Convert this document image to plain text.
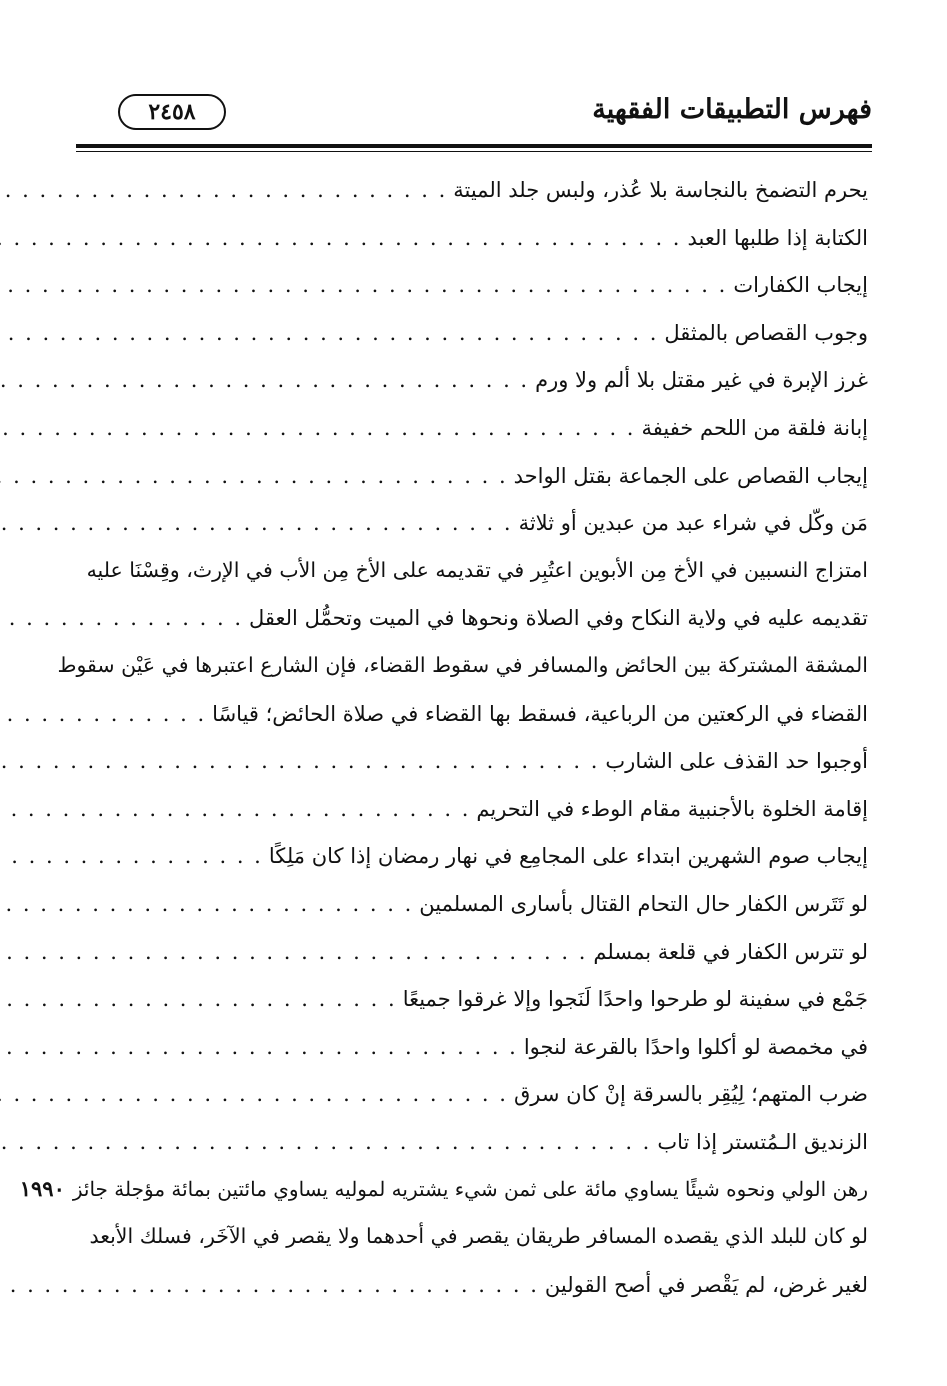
فهرس التطبيقات الفقهية
٢٤٥٨
يحرم التضمخ بالنجاسة بلا عُذر، ولبس جلد الميتة
. . .
الكتابة إذا طلبها العبد
. . .
إيجاب الكفارات
. . .
وجوب القصاص بالمثقل
. . .
غرز الإبرة في غير مقتل بلا ألم ولا ورم
. . .
إبانة فلقة من اللحم خفيفة
. . .
إيجاب القصاص على الجماعة بقتل الواحد
. . .
مَن وكّل في شراء عبد من عبدين أو ثلاثة
. . .
امتزاج النسبين في الأخ مِن الأبوين اعتُبِر في تقديمه على الأخ مِن الأب في الإرث، وقِسْنَا عليه
تقديمه عليه في ولاية النكاح وفي الصلاة ونحوها في الميت وتحمُّل العقل
. . .
المشقة المشتركة بين الحائض والمسافر في سقوط القضاء، فإن الشارع اعتبرها في عَيْن سقوط
القضاء في الركعتين من الرباعية، فسقط بها القضاء في صلاة الحائض؛ قياسًا
. . .
أوجبوا حد القذف على الشارب
. . .
إقامة الخلوة بالأجنبية مقام الوطء في التحريم
. . .
إيجاب صوم الشهرين ابتداء على المجامِع في نهار رمضان إذا كان مَلِكًا
. . .
لو تَتَرس الكفار حال التحام القتال بأسارى المسلمين
. . .
لو تترس الكفار في قلعة بمسلم
. . .
جَمْع في سفينة لو طرحوا واحدًا لَنَجوا وإلا غرقوا جميعًا
. . .
في مخمصة لو أكلوا واحدًا بالقرعة لنجوا
. . .
ضرب المتهم؛ لِيُقِر بالسرقة إنْ كان سرق
. . .
الزنديق الـمُتستر إذا تاب
. . .
رهن الولي ونحوه شيئًا يساوي مائة على ثمن شيء يشتريه لموليه يساوي مائتين بمائة مؤجلة جائز
١٩٩٠
لو كان للبلد الذي يقصده المسافر طريقان يقصر في أحدهما ولا يقصر في الآخَر، فسلك الأبعد
لغير غرض، لم يَقْصر في أصح القولين
. . .
